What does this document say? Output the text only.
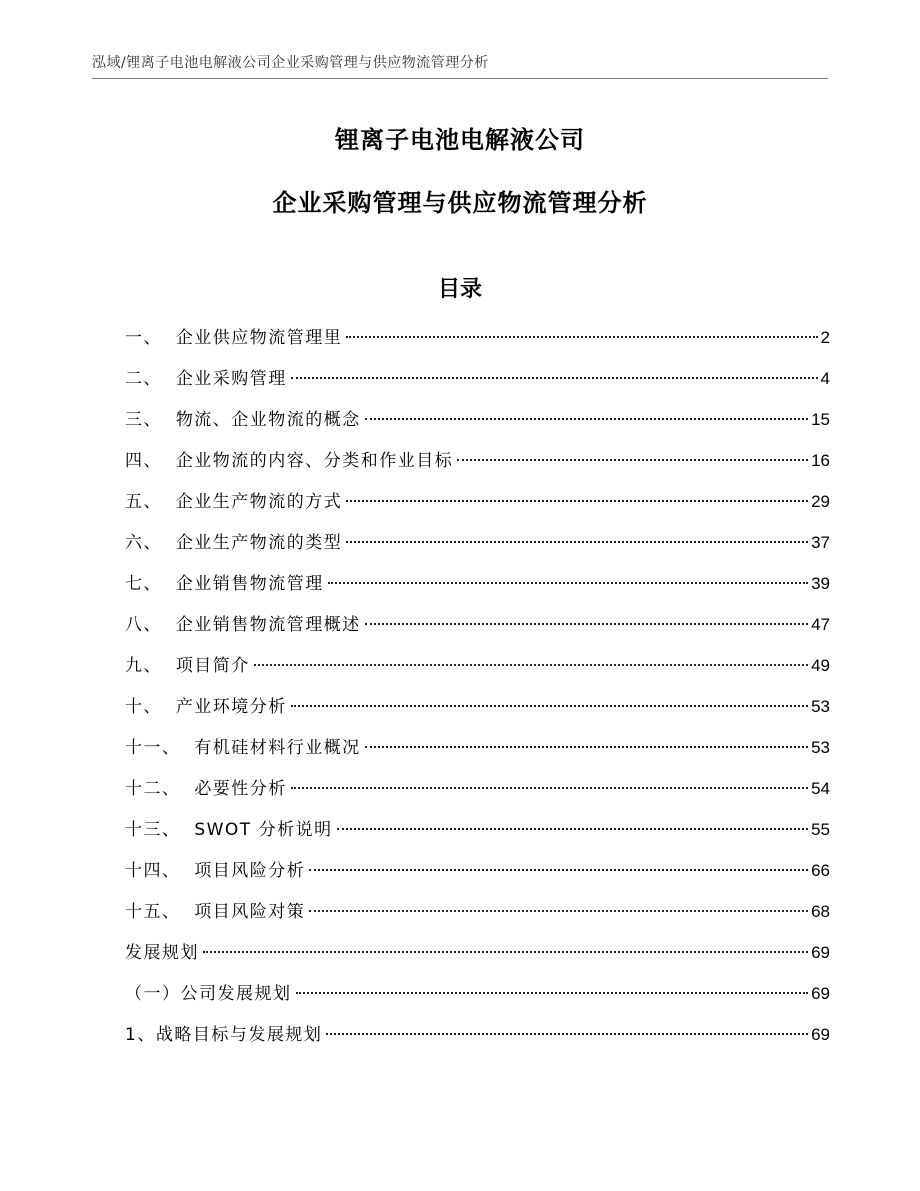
泓域/锂离子电池电解液公司企业采购管理与供应物流管理分析
锂离子电池电解液公司
企业采购管理与供应物流管理分析
目录
一、 企业供应物流管理里	2
二、 企业采购管理	4
三、 物流、企业物流的概念	15
四、 企业物流的内容、分类和作业目标	16
五、 企业生产物流的方式	29
六、 企业生产物流的类型	37
七、 企业销售物流管理	39
八、 企业销售物流管理概述	47
九、 项目简介	49
十、 产业环境分析	53
十一、 有机硅材料行业概况	53
十二、 必要性分析	54
十三、 SWOT 分析说明	55
十四、 项目风险分析	66
十五、 项目风险对策	68
发展规划	69
（一）公司发展规划	69
1、战略目标与发展规划	69
